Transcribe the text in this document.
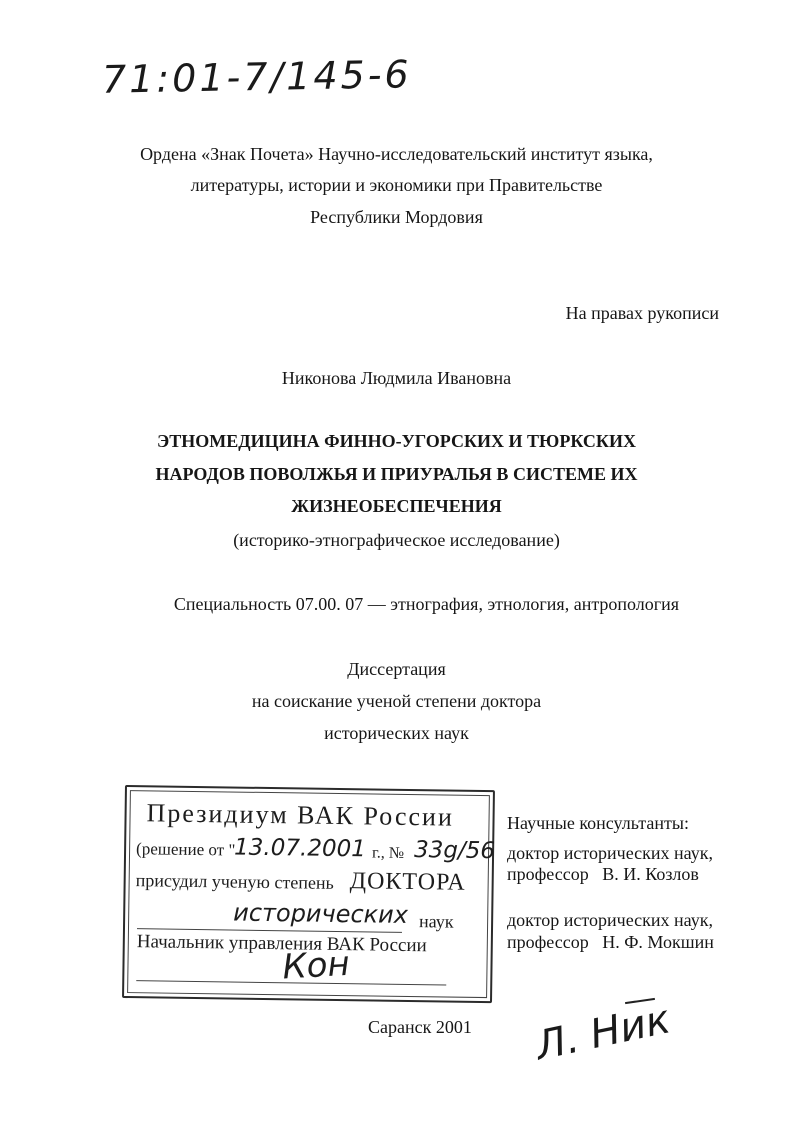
71:01-7/145-6
Ордена «Знак Почета» Научно-исследовательский институт языка,
литературы, истории и экономики при Правительстве
Республики Мордовия
На правах рукописи
Никонова Людмила Ивановна
ЭТНОМЕДИЦИНА ФИННО-УГОРСКИХ И ТЮРКСКИХ
НАРОДОВ ПОВОЛЖЬЯ И ПРИУРАЛЬЯ В СИСТЕМЕ ИХ
ЖИЗНЕОБЕСПЕЧЕНИЯ
(историко-этнографическое исследование)
Специальность 07.00. 07 — этнография, этнология, антропология
Диссертация
на соискание ученой степени доктора
исторических наук
Президиум ВАК России
(решение от "
13.07.2001 г., № 33g/56
присудил ученую степень ДОКТОРА
исторических наук
Начальник управления ВАК России
Кон
Научные консультанты:
доктор исторических наук,
профессор   В. И. Козлов
доктор исторических наук,
профессор   Н. Ф. Мокшин
Саранск 2001 Л. Ник
